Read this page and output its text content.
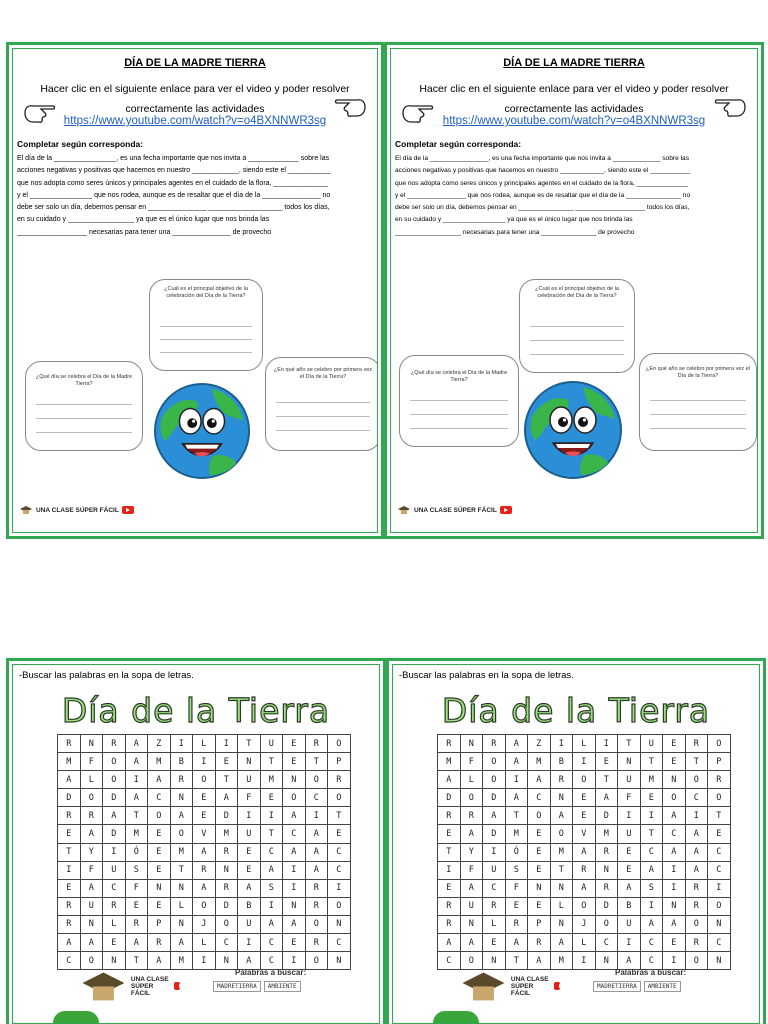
DÍA DE LA MADRE TIERRA
Hacer clic en el siguiente enlace para ver el video y poder resolver
correctamente las actividades
https://www.youtube.com/watch?v=o4BXNNWR3sg
Completar según corresponda:

El día de la ________________, es una fecha importante que nos invita a _____________ sobre las

acciones negativas y positivas que hacemos en nuestro ____________, siendo este el ___________

que nos adopta como seres únicos y principales agentes en el cuidado de la flora, ______________

y el ________________ que nos rodea, aunque es de resaltar que el día de la _______________ no

debe ser solo un día, debemos pensar en _______________ ___________________ todos los días,

en su cuidado y _________________ ya que es el único lugar que nos brinda las

__________________ necesarias para tener una _______________ de provecho

¿Cuál es el principal objetivo de la celebración del Día de la Tierra?
¿Qué día se celebra el Día de la Madre Tierra?
¿En qué año se celebro por primera vez el Día de la Tierra?
UNA CLASE SÚPER FÁCIL
DÍA DE LA MADRE TIERRA
Hacer clic en el siguiente enlace para ver el video y poder resolver
correctamente las actividades
https://www.youtube.com/watch?v=o4BXNNWR3sg
Completar según corresponda:

El día de la ________________, es una fecha importante que nos invita a _____________ sobre las

acciones negativas y positivas que hacemos en nuestro ____________, siendo este el ___________

que nos adopta como seres únicos y principales agentes en el cuidado de la flora, ______________

y el ________________ que nos rodea, aunque es de resaltar que el día de la _______________ no

debe ser solo un día, debemos pensar en _______________ ___________________ todos los días,

en su cuidado y _________________ ya que es el único lugar que nos brinda las

__________________ necesarias para tener una _______________ de provecho

¿Cuál es el principal objetivo de la celebración del Día de la Tierra?
¿Qué día se celebra el Día de la Madre Tierra?
¿En qué año se celebro por primera vez el Día de la Tierra?
UNA CLASE SÚPER FÁCIL
-Buscar las palabras en la sopa de letras.
Día de la Tierra
R	N	R	A	Z	I	L	I	T	U	E	R	O
M	F	O	A	M	B	I	E	N	T	E	T	P
A	L	O	I	A	R	O	T	U	M	N	O	R
D	O	D	A	C	N	E	A	F	E	O	C	O
R	R	A	T	O	A	E	D	I	I	A	I	T
E	A	D	M	E	O	V	M	U	T	C	A	E
T	Y	I	Ó	E	M	A	R	E	C	A	A	C
I	F	U	S	E	T	R	N	E	A	I	A	C
E	A	C	F	N	N	A	R	A	S	I	R	I
R	U	R	E	E	L	O	D	B	I	N	R	O
R	N	L	R	P	N	J	O	U	A	A	O	N
A	A	E	A	R	A	L	C	I	C	E	R	C
C	O	N	T	A	M	I	N	A	C	I	O	N
UNA CLASE SÚPER FÁCIL
Palabras a buscar:
MADRETIERRA	AMBIENTE
-Buscar las palabras en la sopa de letras.
Día de la Tierra
R	N	R	A	Z	I	L	I	T	U	E	R	O
M	F	O	A	M	B	I	E	N	T	E	T	P
A	L	O	I	A	R	O	T	U	M	N	O	R
D	O	D	A	C	N	E	A	F	E	O	C	O
R	R	A	T	O	A	E	D	I	I	A	I	T
E	A	D	M	E	O	V	M	U	T	C	A	E
T	Y	I	Ó	E	M	A	R	E	C	A	A	C
I	F	U	S	E	T	R	N	E	A	I	A	C
E	A	C	F	N	N	A	R	A	S	I	R	I
R	U	R	E	E	L	O	D	B	I	N	R	O
R	N	L	R	P	N	J	O	U	A	A	O	N
A	A	E	A	R	A	L	C	I	C	E	R	C
C	O	N	T	A	M	I	N	A	C	I	O	N
UNA CLASE SÚPER FÁCIL
Palabras a buscar:
MADRETIERRA	AMBIENTE
